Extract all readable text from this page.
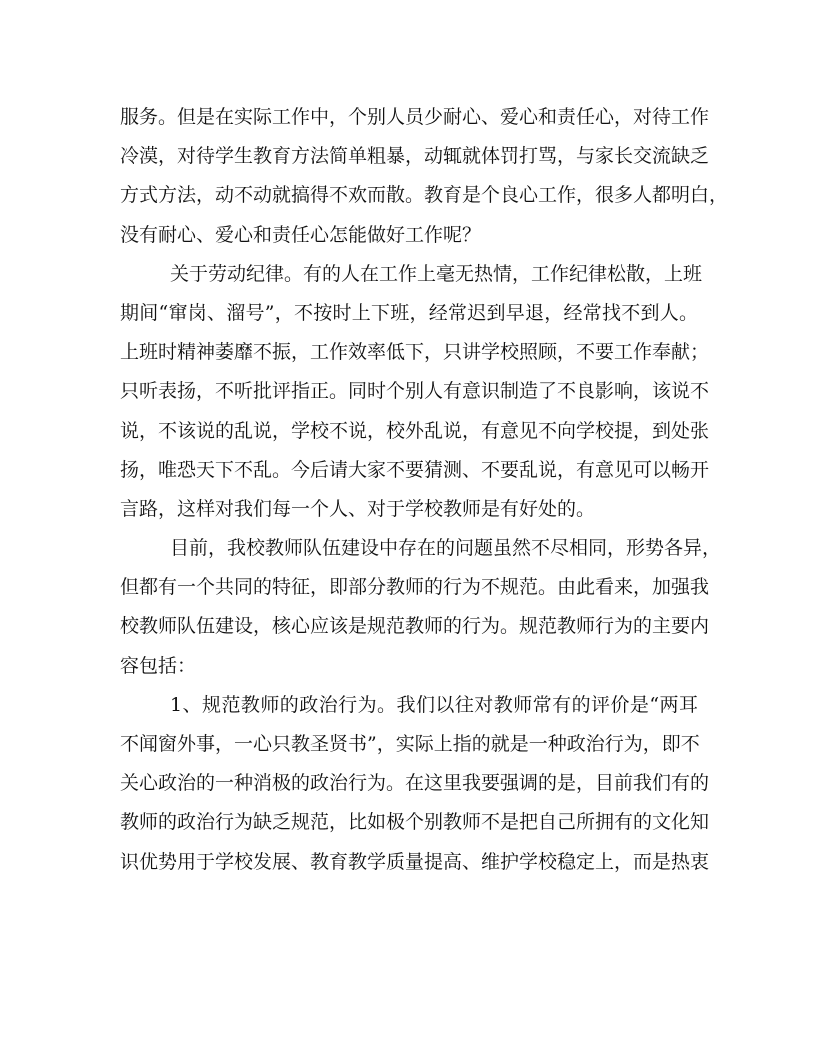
服务。但是在实际工作中，个别人员少耐心、爱心和责任心，对待工作
冷漠，对待学生教育方法简单粗暴，动辄就体罚打骂，与家长交流缺乏
方式方法，动不动就搞得不欢而散。教育是个良心工作，很多人都明白，
没有耐心、爱心和责任心怎能做好工作呢？
关于劳动纪律。有的人在工作上毫无热情，工作纪律松散，上班
期间“窜岗、溜号”，不按时上下班，经常迟到早退，经常找不到人。
上班时精神萎靡不振，工作效率低下，只讲学校照顾，不要工作奉献；
只听表扬，不听批评指正。同时个别人有意识制造了不良影响，该说不
说，不该说的乱说，学校不说，校外乱说，有意见不向学校提，到处张
扬，唯恐天下不乱。今后请大家不要猜测、不要乱说，有意见可以畅开
言路，这样对我们每一个人、对于学校教师是有好处的。
目前，我校教师队伍建设中存在的问题虽然不尽相同，形势各异，
但都有一个共同的特征，即部分教师的行为不规范。由此看来，加强我
校教师队伍建设，核心应该是规范教师的行为。规范教师行为的主要内
容包括：
1、规范教师的政治行为。我们以往对教师常有的评价是“两耳
不闻窗外事，一心只教圣贤书”，实际上指的就是一种政治行为，即不
关心政治的一种消极的政治行为。在这里我要强调的是，目前我们有的
教师的政治行为缺乏规范，比如极个别教师不是把自己所拥有的文化知
识优势用于学校发展、教育教学质量提高、维护学校稳定上，而是热衷
